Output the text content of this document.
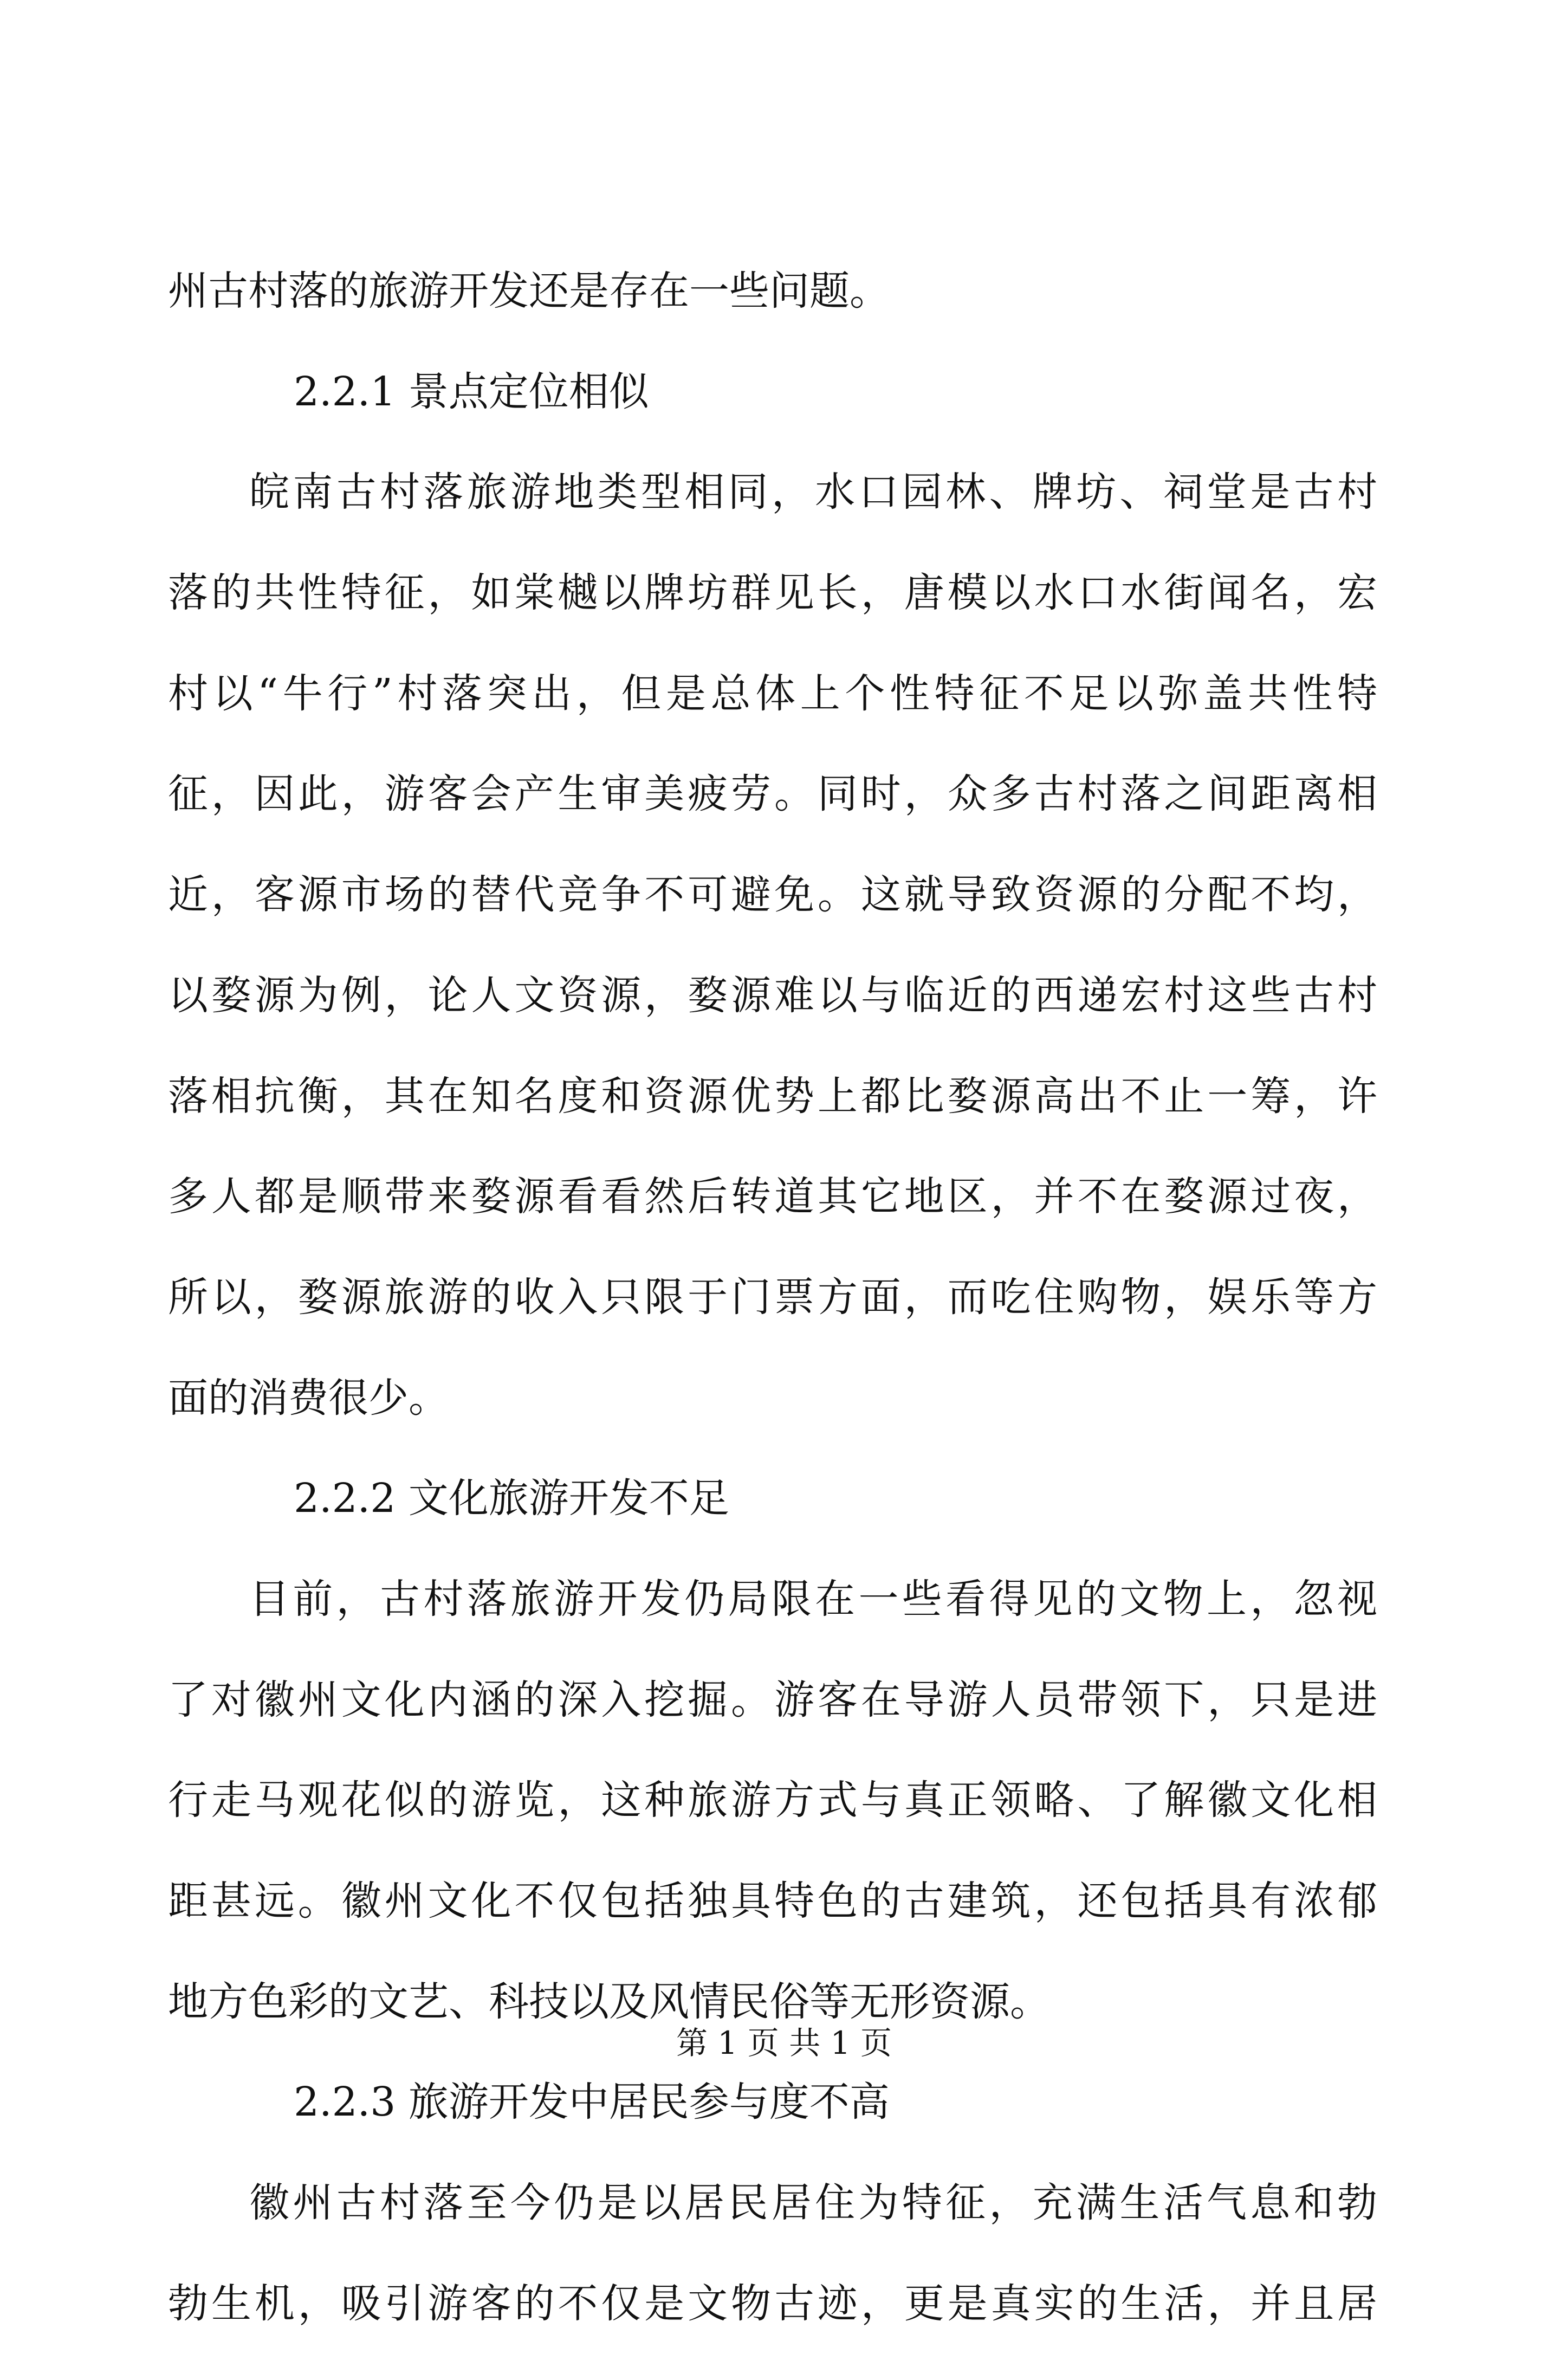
州古村落的旅游开发还是存在一些问题。
2.2.1 景点定位相似
皖南古村落旅游地类型相同，水口园林、牌坊、祠堂是古村
落的共性特征，如棠樾以牌坊群见长，唐模以水口水街闻名，宏
村以“牛行”村落突出，但是总体上个性特征不足以弥盖共性特
征，因此，游客会产生审美疲劳。同时，众多古村落之间距离相
近，客源市场的替代竞争不可避免。这就导致资源的分配不均，
以婺源为例，论人文资源，婺源难以与临近的西递宏村这些古村
落相抗衡，其在知名度和资源优势上都比婺源高出不止一筹，许
多人都是顺带来婺源看看然后转道其它地区，并不在婺源过夜，
所以，婺源旅游的收入只限于门票方面，而吃住购物，娱乐等方
面的消费很少。
2.2.2 文化旅游开发不足
目前，古村落旅游开发仍局限在一些看得见的文物上，忽视
了对徽州文化内涵的深入挖掘。游客在导游人员带领下，只是进
行走马观花似的游览，这种旅游方式与真正领略、了解徽文化相
距甚远。徽州文化不仅包括独具特色的古建筑，还包括具有浓郁
地方色彩的文艺、科技以及风情民俗等无形资源。
2.2.3 旅游开发中居民参与度不高
徽州古村落至今仍是以居民居住为特征，充满生活气息和勃
勃生机，吸引游客的不仅是文物古迹，更是真实的生活，并且居
第 1 页 共 1 页
